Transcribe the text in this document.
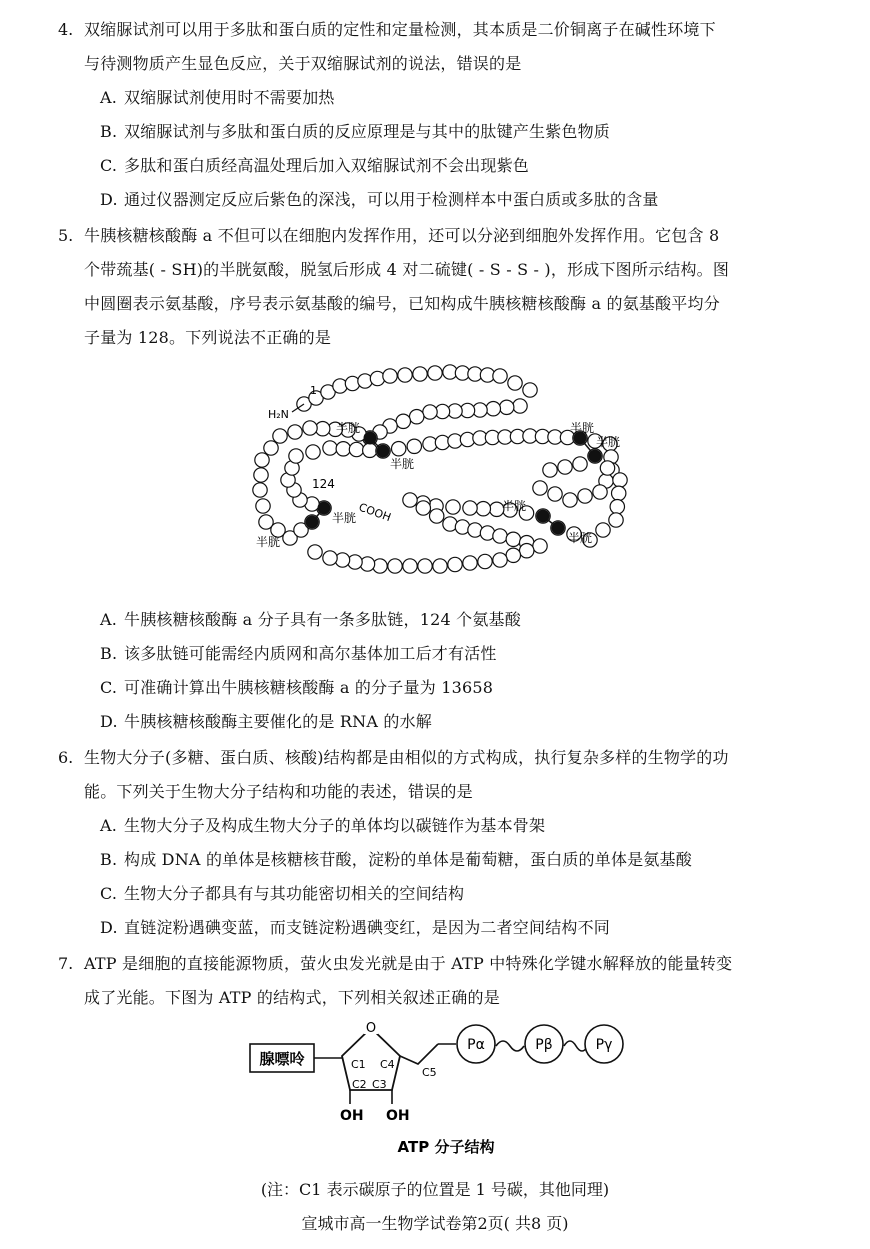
4. 双缩脲试剂可以用于多肽和蛋白质的定性和定量检测，其本质是二价铜离子在碱性环境下
与待测物质产生显色反应，关于双缩脲试剂的说法，错误的是
A. 双缩脲试剂使用时不需要加热
B. 双缩脲试剂与多肽和蛋白质的反应原理是与其中的肽键产生紫色物质
C. 多肽和蛋白质经高温处理后加入双缩脲试剂不会出现紫色
D. 通过仪器测定反应后紫色的深浅，可以用于检测样本中蛋白质或多肽的含量
5. 牛胰核糖核酸酶 a 不但可以在细胞内发挥作用，还可以分泌到细胞外发挥作用。它包含 8
个带巯基( - SH)的半胱氨酸，脱氢后形成 4 对二硫键( - S - S - )，形成下图所示结构。图
中圆圈表示氨基酸，序号表示氨基酸的编号，已知构成牛胰核糖核酸酶 a 的氨基酸平均分
子量为 128。下列说法不正确的是
H₂N
1
124
COOH
半胱
半胱
半胱
半胱
半胱
半胱
半胱
半胱
A. 牛胰核糖核酸酶 a 分子具有一条多肽链，124 个氨基酸
B. 该多肽链可能需经内质网和高尔基体加工后才有活性
C. 可准确计算出牛胰核糖核酸酶 a 的分子量为 13658
D. 牛胰核糖核酸酶主要催化的是 RNA 的水解
6. 生物大分子(多糖、蛋白质、核酸)结构都是由相似的方式构成，执行复杂多样的生物学的功
能。下列关于生物大分子结构和功能的表述，错误的是
A. 生物大分子及构成生物大分子的单体均以碳链作为基本骨架
B. 构成 DNA 的单体是核糖核苷酸，淀粉的单体是葡萄糖，蛋白质的单体是氨基酸
C. 生物大分子都具有与其功能密切相关的空间结构
D. 直链淀粉遇碘变蓝，而支链淀粉遇碘变红，是因为二者空间结构不同
7. ATP 是细胞的直接能源物质，萤火虫发光就是由于 ATP 中特殊化学键水解释放的能量转变
成了光能。下图为 ATP 的结构式，下列相关叙述正确的是
腺嘌呤
O
C1 C4
C2 C3
OH OH
C5
Pα	Pβ	Pγ
ATP 分子结构
(注：C1 表示碳原子的位置是 1 号碳，其他同理)
宣城市高一生物学试卷第2页( 共8 页)
